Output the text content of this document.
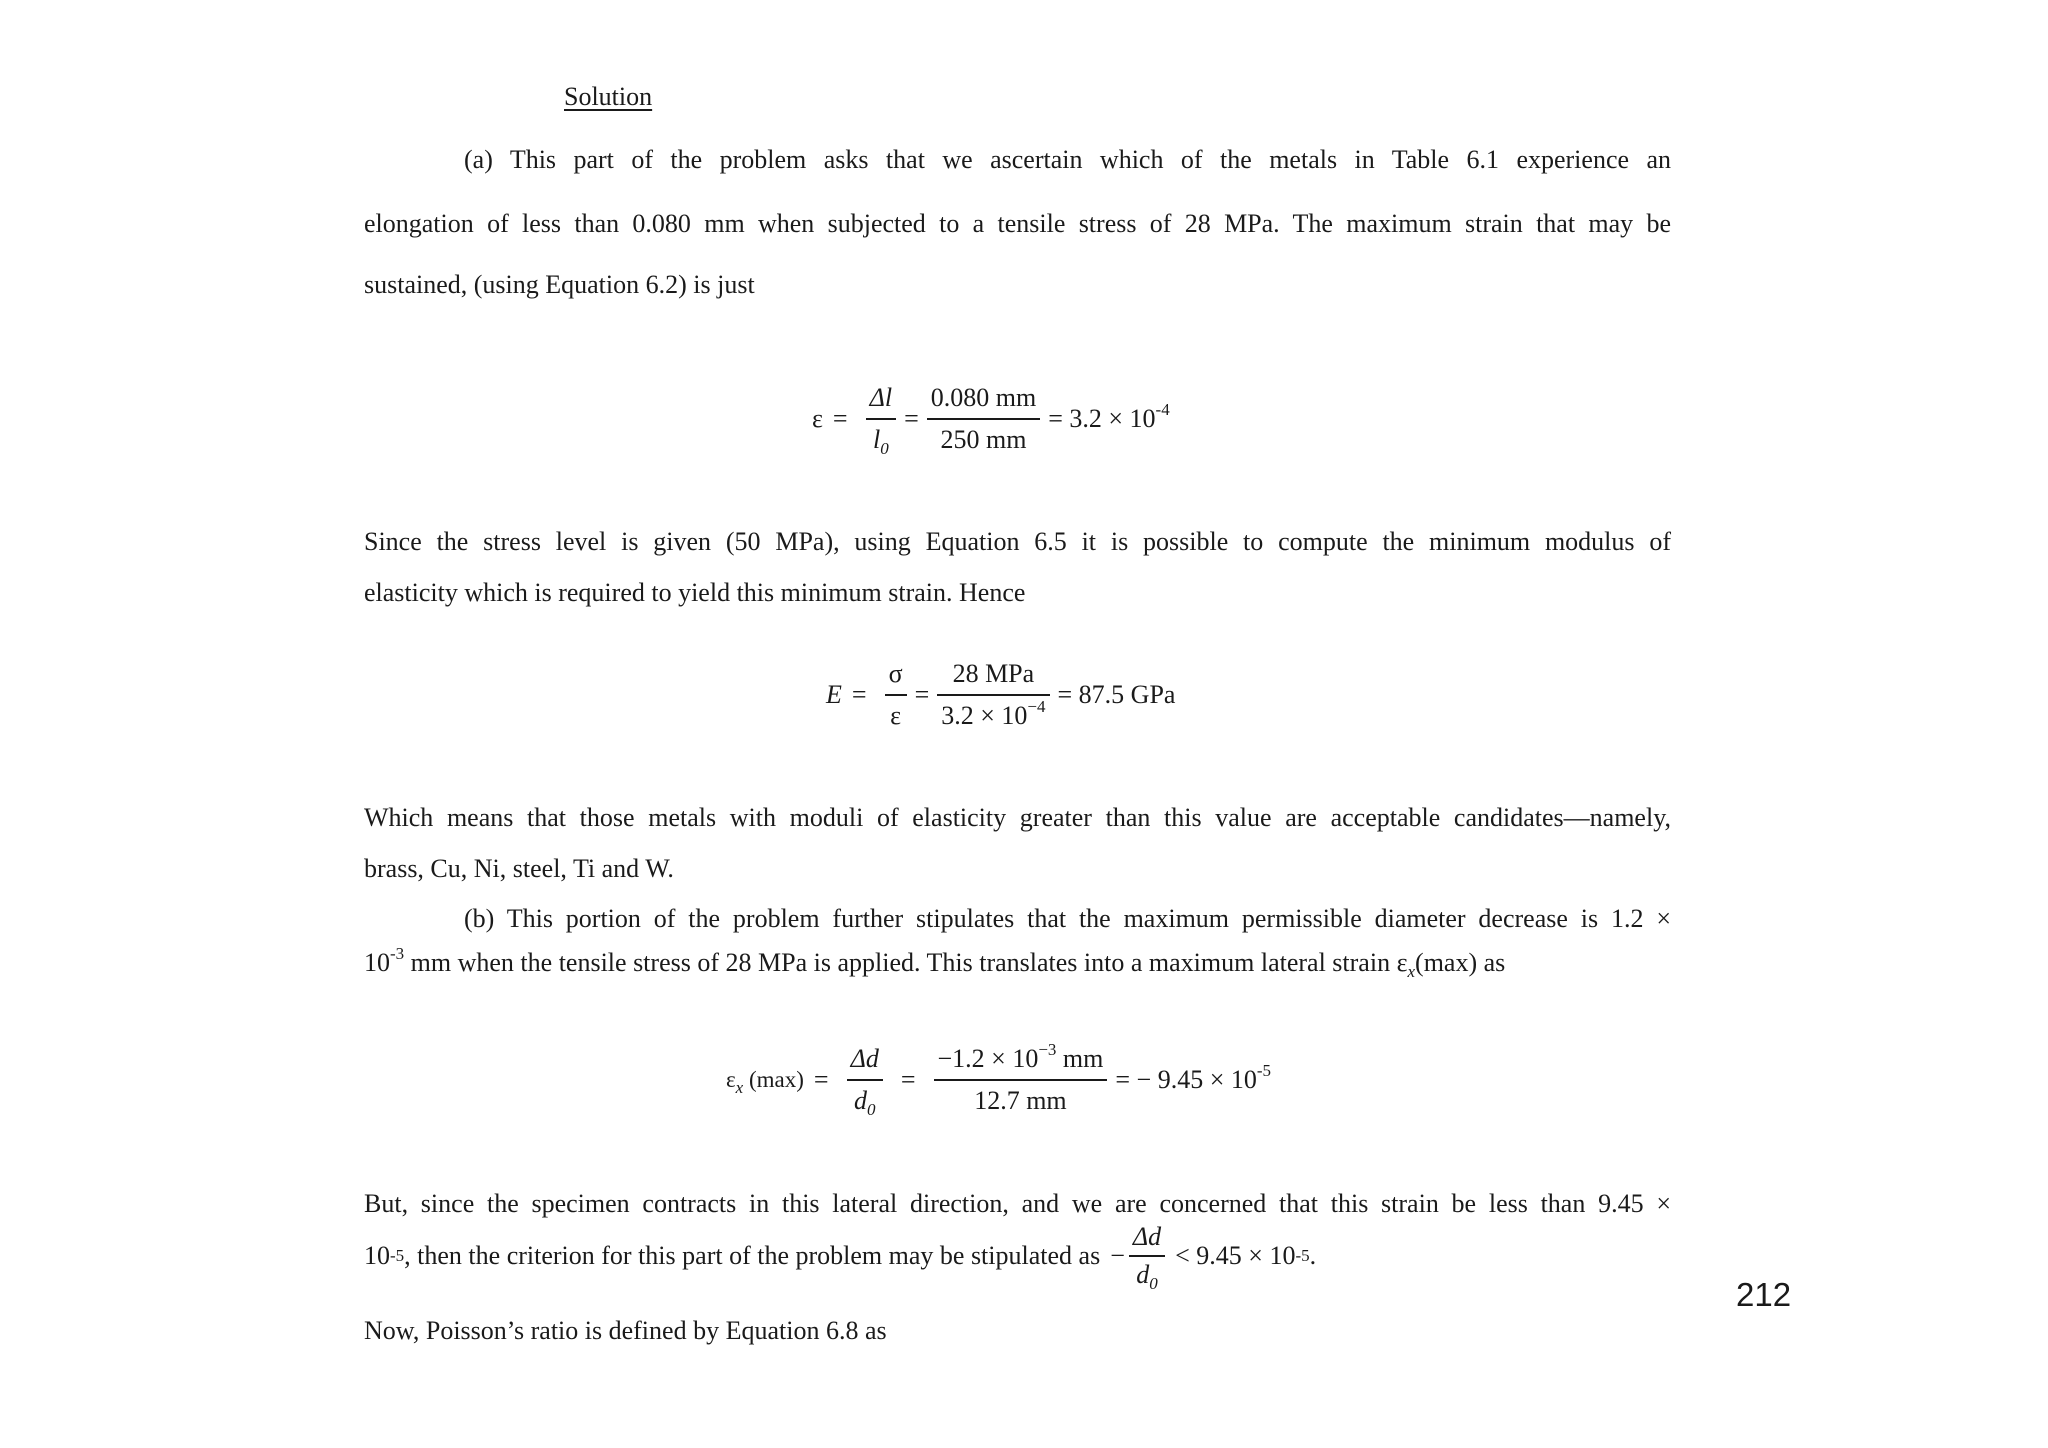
Solution
(a) This part of the problem asks that we ascertain which of the metals in Table 6.1 experience an
elongation of less than 0.080 mm when subjected to a tensile stress of 28 MPa. The maximum strain that may be
sustained, (using Equation 6.2) is just
$\varepsilon = \frac{\Delta l}{l_0} = \frac{0.080 mm}{250 mm} = 3.2 \times 10^{-4}$
Since the stress level is given (50 MPa), using Equation 6.5 it is possible to compute the minimum modulus of
elasticity which is required to yield this minimum strain. Hence
$E = \frac{\sigma}{\varepsilon} = \frac{\text{28 MPa}}{3.2 \times 10^{-4}} = 87.5$ GPa
Which means that those metals with moduli of elasticity greater than this value are acceptable candidates—namely,
brass, Cu, Ni, steel, Ti and W.
(b) This portion of the problem further stipulates that the maximum permissible diameter decrease is 1.2 ×
$10^{-3}$ mm when the tensile stress of 28 MPa is applied. This translates into a maximum lateral strain $\varepsilon_x(\max)$ as
$\varepsilon_x$ $(\max) = \frac{\Delta d}{d_0} = \frac{-1.2 \times 10^{-3} mm}{12.7 mm}$ = − $9.45 \times 10^{-5}$
But, since the specimen contracts in this lateral direction, and we are concerned that this strain be less than 9.45 ×
10 -5 , then the criterion for this part of the problem may be stipulated as − $\frac{\Delta d}{d_0} < 9.45 \times 10$ -5 .
212
Now, Poisson’s ratio is defined by Equation 6.8 as
